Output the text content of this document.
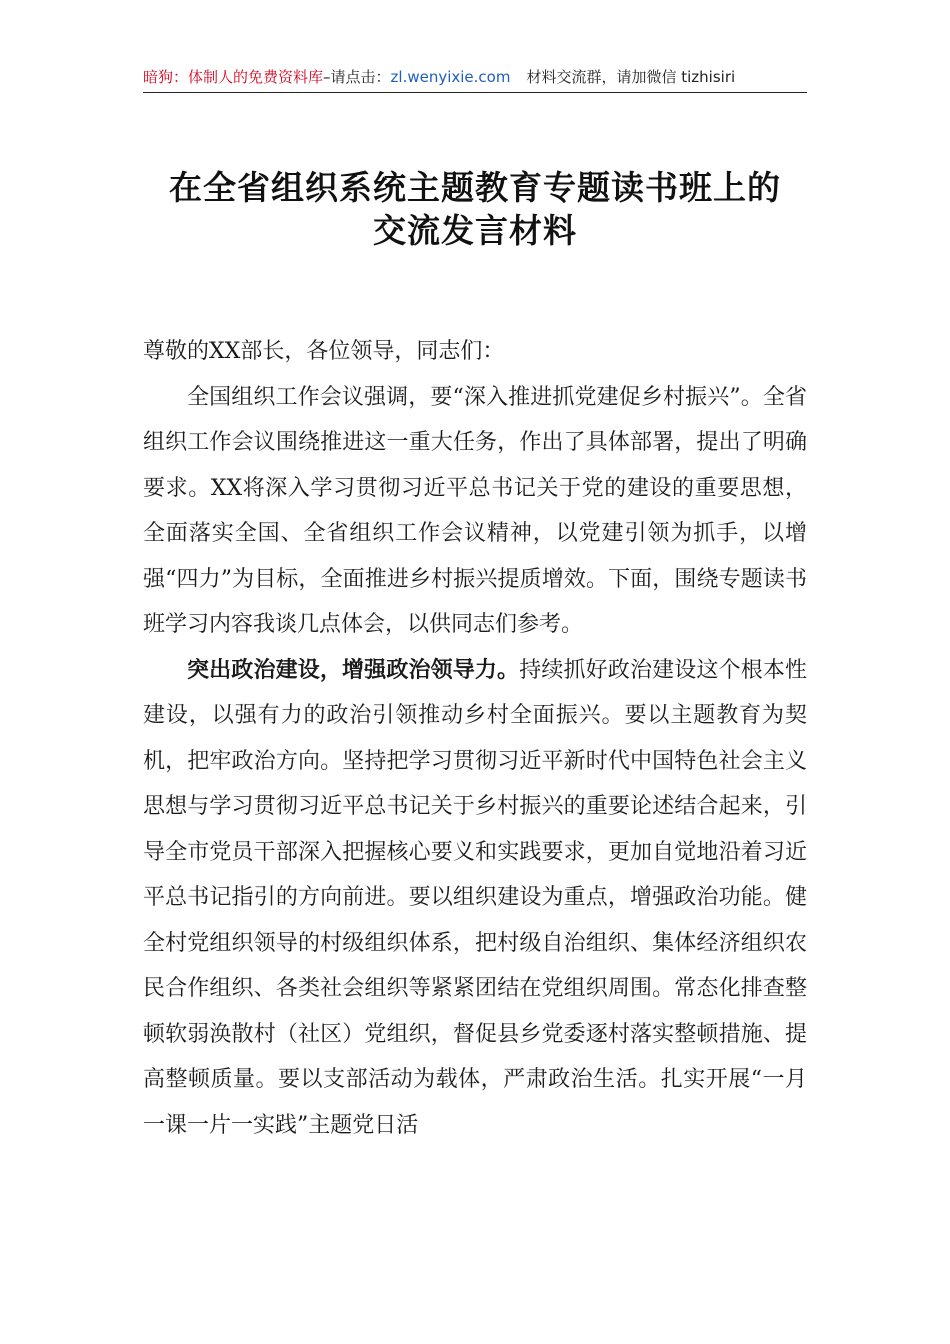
暗狗：体制人的免费资料库–请点击：zl.wenyixie.com 材料交流群，请加微信 tizhisiri
在全省组织系统主题教育专题读书班上的
交流发言材料

尊敬的XX部长，各位领导，同志们：

全国组织工作会议强调，要“深入推进抓党建促乡村振兴”。全省组织工作会议围绕推进这一重大任务，作出了具体部署，提出了明确要求。XX将深入学习贯彻习近平总书记关于党的建设的重要思想，全面落实全国、全省组织工作会议精神，以党建引领为抓手，以增强“四力”为目标，全面推进乡村振兴提质增效。下面，围绕专题读书班学习内容我谈几点体会，以供同志们参考。

突出政治建设，增强政治领导力。持续抓好政治建设这个根本性建设，以强有力的政治引领推动乡村全面振兴。要以主题教育为契机，把牢政治方向。坚持把学习贯彻习近平新时代中国特色社会主义思想与学习贯彻习近平总书记关于乡村振兴的重要论述结合起来，引导全市党员干部深入把握核心要义和实践要求，更加自觉地沿着习近平总书记指引的方向前进。要以组织建设为重点，增强政治功能。健全村党组织领导的村级组织体系，把村级自治组织、集体经济组织农民合作组织、各类社会组织等紧紧团结在党组织周围。常态化排查整顿软弱涣散村（社区）党组织，督促县乡党委逐村落实整顿措施、提高整顿质量。要以支部活动为载体，严肃政治生活。扎实开展“一月一课一片一实践”主题党日活
